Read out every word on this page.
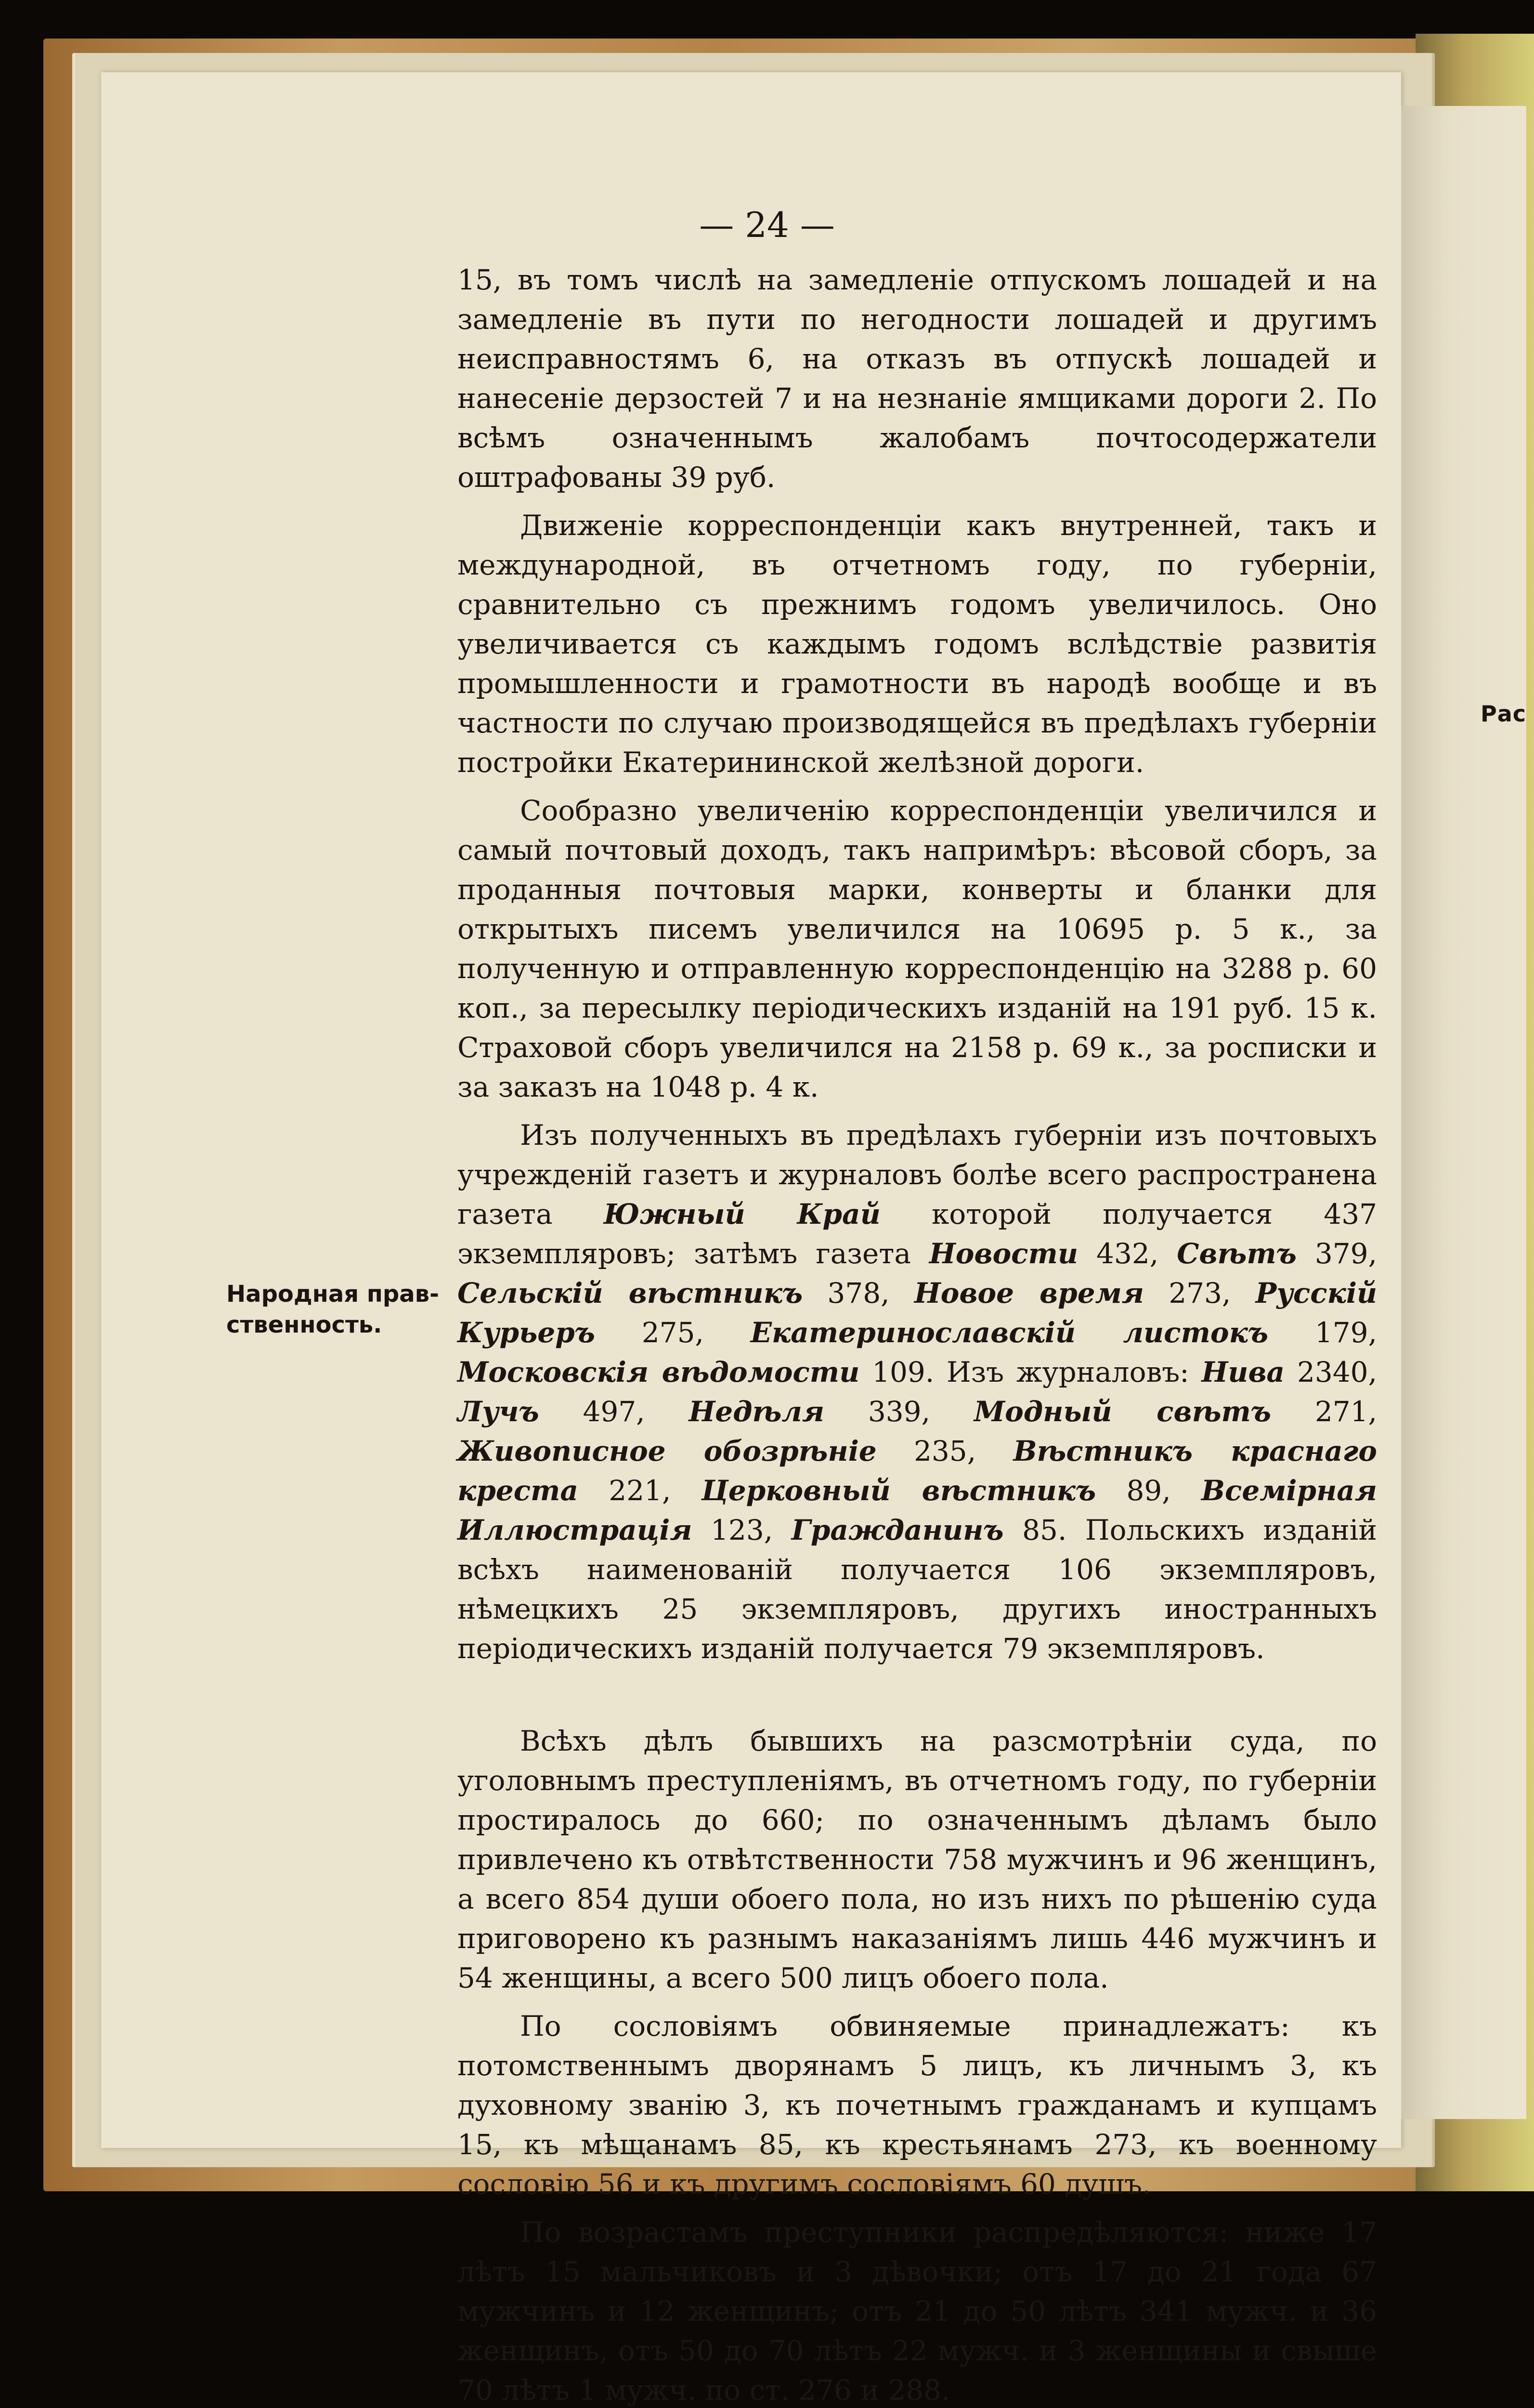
Рас
— 24 —
Народная прав-
ственность.

15, въ томъ числѣ на замедленіе отпускомъ лошадей и на замедленіе въ пути по негодности лошадей и другимъ неисправностямъ 6, на отказъ въ отпускѣ лошадей и нанесеніе дерзостей 7 и на незнаніе ямщиками дороги 2. По всѣмъ означеннымъ жалобамъ почтосодержатели оштрафованы 39 руб.

Движеніе корреспонденціи какъ внутренней, такъ и международной, въ отчетномъ году, по губерніи, сравнительно съ прежнимъ годомъ увеличилось. Оно увеличивается съ каждымъ годомъ вслѣдствіе развитія промышленности и грамотности въ народѣ вообще и въ частности по случаю производящейся въ предѣлахъ губерніи постройки Екатерининской желѣзной дороги.

Сообразно увеличенію корреспонденціи увеличился и самый почтовый доходъ, такъ напримѣръ: вѣсовой сборъ, за проданныя почтовыя марки, конверты и бланки для открытыхъ писемъ увеличился на 10695 р. 5 к., за полученную и отправленную корреспонденцію на 3288 р. 60 коп., за пересылку періодическихъ изданій на 191 руб. 15 к. Страховой сборъ увеличился на 2158 р. 69 к., за росписки и за заказъ на 1048 р. 4 к.

Изъ полученныхъ въ предѣлахъ губерніи изъ почтовыхъ учрежденій газетъ и журналовъ болѣе всего распространена газета Южный Край которой получается 437 экземпляровъ; затѣмъ газета Новости 432, Свѣтъ 379, Сельскій вѣстникъ 378, Новое время 273, Русскій Курьеръ 275, Екатеринославскій листокъ 179, Московскія вѣдомости 109. Изъ журналовъ: Нива 2340, Лучъ 497, Недѣля 339, Модный свѣтъ 271, Живописное обозрѣніе 235, Вѣстникъ краснаго креста 221, Церковный вѣстникъ 89, Всемірная Иллюстрація 123, Гражданинъ 85. Польскихъ изданій всѣхъ наименованій получается 106 экземпляровъ, нѣмецкихъ 25 экземпляровъ, другихъ иностранныхъ періодическихъ изданій получается 79 экземпляровъ.

Всѣхъ дѣлъ бывшихъ на разсмотрѣніи суда, по уголовнымъ преступленіямъ, въ отчетномъ году, по губерніи простиралось до 660; по означеннымъ дѣламъ было привлечено къ отвѣтственности 758 мужчинъ и 96 женщинъ, а всего 854 души обоего пола, но изъ нихъ по рѣшенію суда приговорено къ разнымъ наказаніямъ лишь 446 мужчинъ и 54 женщины, а всего 500 лицъ обоего пола.

По сословіямъ обвиняемые принадлежатъ: къ потомственнымъ дворянамъ 5 лицъ, къ личнымъ 3, къ духовному званію 3, къ почетнымъ гражданамъ и купцамъ 15, къ мѣщанамъ 85, къ крестьянамъ 273, къ военному сословію 56 и къ другимъ сословіямъ 60 душъ.

По возрастамъ преступники распредѣляются: ниже 17 лѣтъ 15 мальчиковъ и 3 дѣвочки; отъ 17 до 21 года 67 мужчинъ и 12 женщинъ; отъ 21 до 50 лѣтъ 341 мужч. и 36 женщинъ, отъ 50 до 70 лѣтъ 22 мужч. и 3 женщины и свыше 70 лѣтъ 1 мужч. по ст. 276 и 288.
